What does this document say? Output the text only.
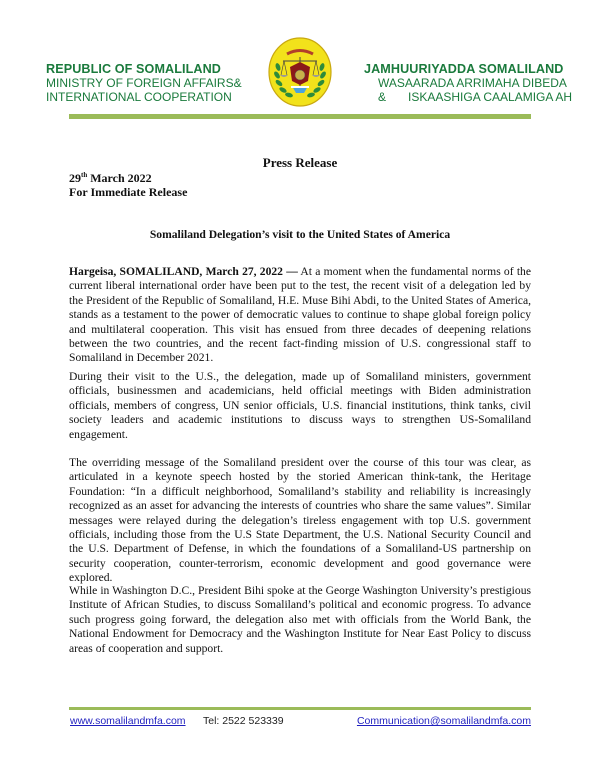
REPUBLIC OF SOMALILAND
MINISTRY OF FOREIGN AFFAIRS&
INTERNATIONAL COOPERATION
JAMHUURIYADDA SOMALILAND
WASAARADA ARRIMAHA DIBEDA
& ISKAASHIGA CAALAMIGA AH
Press Release
29th March 2022
For Immediate Release
Somaliland Delegation’s visit to the United States of America
Hargeisa, SOMALILAND, March 27, 2022 — At a moment when the fundamental norms of the current liberal international order have been put to the test, the recent visit of a delegation led by the President of the Republic of Somaliland, H.E. Muse Bihi Abdi, to the United States of America, stands as a testament to the power of democratic values to continue to shape global foreign policy and multilateral cooperation. This visit has ensued from three decades of deepening relations between the two countries, and the recent fact-finding mission of U.S. congressional staff to Somaliland in December 2021.
During their visit to the U.S., the delegation, made up of Somaliland ministers, government officials, businessmen and academicians, held official meetings with Biden administration officials, members of congress, UN senior officials, U.S. financial institutions, think tanks, civil society leaders and academic institutions to discuss ways to strengthen US-Somaliland engagement.
The overriding message of the Somaliland president over the course of this tour was clear, as articulated in a keynote speech hosted by the storied American think-tank, the Heritage Foundation: “In a difficult neighborhood, Somaliland’s stability and reliability is increasingly recognized as an asset for advancing the interests of countries who share the same values”. Similar messages were relayed during the delegation’s tireless engagement with top U.S. government officials, including those from the U.S State Department, the U.S. National Security Council and the U.S. Department of Defense, in which the foundations of a Somaliland-US partnership on security cooperation, counter-terrorism, economic development and good governance were explored.
While in Washington D.C., President Bihi spoke at the George Washington University’s prestigious Institute of African Studies, to discuss Somaliland’s political and economic progress. To advance such progress going forward, the delegation also met with officials from the World Bank, the National Endowment for Democracy and the Washington Institute for Near East Policy to discuss areas of cooperation and support.
www.somalilandmfa.com Tel: 2522 523339	Communication@somalilandmfa.com
